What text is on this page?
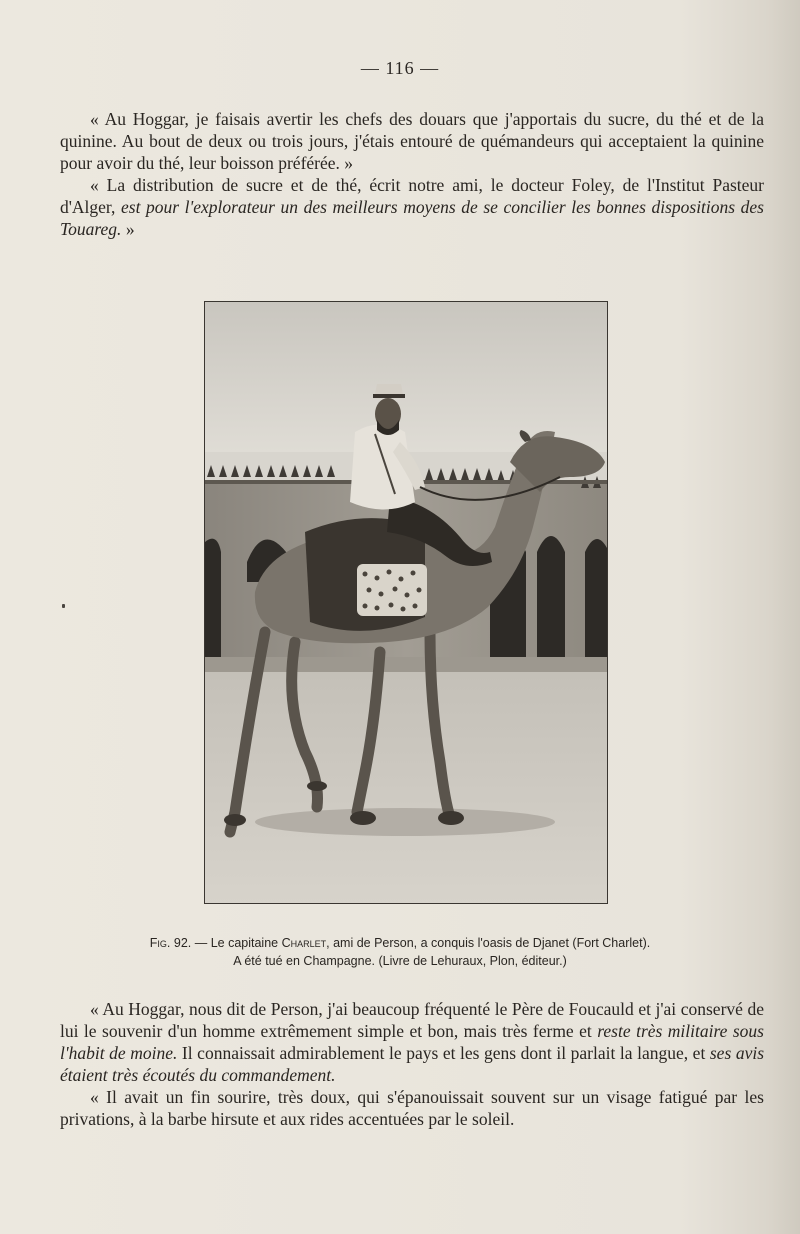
— 116 —

« Au Hoggar, je faisais avertir les chefs des douars que j'apportais du sucre, du thé et de la quinine. Au bout de deux ou trois jours, j'étais entouré de quémandeurs qui acceptaient la quinine pour avoir du thé, leur boisson préférée. »

« La distribution de sucre et de thé, écrit notre ami, le docteur Foley, de l'Institut Pasteur d'Alger, est pour l'explorateur un des meilleurs moyens de se concilier les bonnes dispositions des Touareg. »

Fig. 92. — Le capitaine Charlet, ami de Person, a conquis l'oasis de Djanet (Fort Charlet).
A été tué en Champagne. (Livre de Lehuraux, Plon, éditeur.)

« Au Hoggar, nous dit de Person, j'ai beaucoup fréquenté le Père de Foucauld et j'ai conservé de lui le souvenir d'un homme extrêmement simple et bon, mais très ferme et reste très militaire sous l'habit de moine. Il connaissait admirablement le pays et les gens dont il parlait la langue, et ses avis étaient très écoutés du commandement.

« Il avait un fin sourire, très doux, qui s'épanouissait souvent sur un visage fatigué par les privations, à la barbe hirsute et aux rides accentuées par le soleil.
